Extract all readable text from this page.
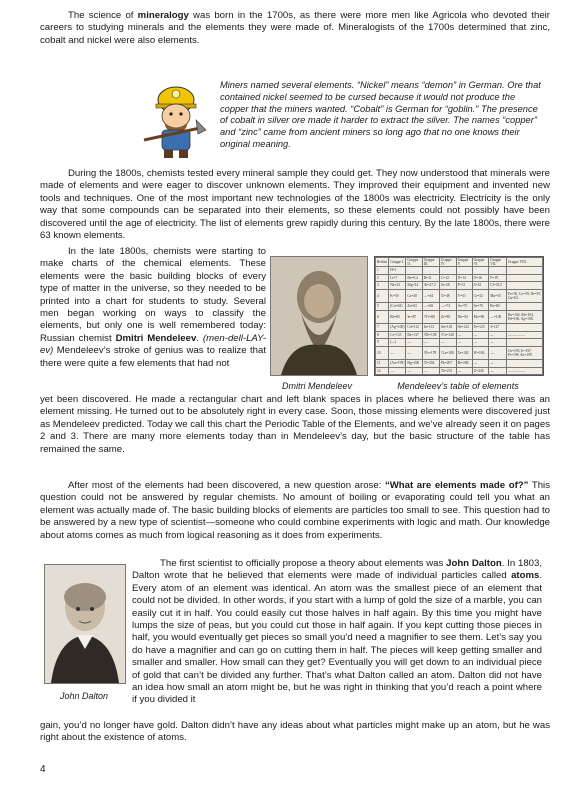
The science of mineralogy was born in the 1700s, as there were more men like Agricola who devoted their careers to studying minerals and the elements they were made of. Mineralogists of the 1700s determined that zinc, cobalt and nickel were also elements.

Miners named several elements. “Nickel” means “demon” in German. Ore that contained nickel seemed to be cursed because it would not produce the copper that the miners wanted. “Cobalt” is German for “goblin.” The presence of cobalt in silver ore made it harder to extract the silver. The names “copper” and “zinc” came from ancient miners so long ago that no one knows their original meaning.

During the 1800s, chemists tested every mineral sample they could get. They now understood that minerals were made of elements and were eager to discover unknown elements. They improved their equipment and invented new tools and techniques. One of the most important new technologies of the 1800s was electricity. Electricity is the only way that some compounds can be separated into their elements, so these elements could not possibly have been discovered until the age of electricity. The list of elements grew rapidly during this century. By the late 1800s, there were 63 known elements.

In the late 1800s, chemists were starting to make charts of the chemical elements. These elements were the basic building blocks of every type of matter in the universe, so they needed to be printed into a chart for students to study. Several men began working on ways to classify the elements, but only one is well remembered today: Russian chemist Dmitri Mendeleev. (men-dell-LAY-ev) Mendeleev’s stroke of genius was to realize that there were quite a few elements that had not

Dmitri Mendeleev
Reihen	Gruppe I.	Gruppe II.	Gruppe III.	Gruppe IV.	Gruppe V.	Gruppe VI.	Gruppe VII.	Gruppe VIII.
1	H=1							
2	Li=7	Be=9,4	B=11	C=12	N=14	O=16	F=19	
3	Na=23	Mg=24	Al=27,3	Si=28	P=31	S=32	Cl=35,5	
4	K=39	Ca=40	—=44	Ti=48	V=51	Cr=52	Mn=55	Fe=56, Co=59, Ni=59, Cu=63.
5	(Cu=63)	Zn=65	—=68	—=72	As=75	Se=78	Br=80	
6	Rb=85	Sr=87	?Yt=88	Zr=90	Nb=94	Mo=96	—=100	Ru=104, Rh=104, Pd=106, Ag=108.
7	(Ag=108)	Cd=112	In=113	Sn=118	Sb=122	Te=125	J=127	
8	Cs=133	Ba=137	?Di=138	?Ce=140	—	—	—	— — — —
9	(—)	—	—	—	—	—	—	
10	—	—	?Er=178	?La=180	Ta=182	W=184	—	Os=195, Ir=197, Pt=198, Au=199.
11	(Au=199)	Hg=200	Tl=204	Pb=207	Bi=208	—	—	
12	—	—	—	Th=231	—	U=240	—	— — — —
Mendeleev’s table of elements

yet been discovered. He made a rectangular chart and left blank spaces in places where he believed there was an element missing. He turned out to be absolutely right in every case. Soon, those missing elements were discovered just as Mendeleev predicted. Today we call this chart the Periodic Table of the Elements, and we’ve already seen it on pages 2 and 3. There are many more elements today than in Mendeleev’s day, but the basic structure of the table has remained the same.

After most of the elements had been discovered, a new question arose: “What are elements made of?” This question could not be answered by regular chemists. No amount of boiling or evaporating could tell you what an element was actually made of. The basic building blocks of elements are particles too small to see. This question had to be answered by a new type of scientist—someone who could combine experiments with logic and math. Our knowledge about atoms comes as much from logical reasoning as it does from experiments.

John Dalton

The first scientist to officially propose a theory about elements was John Dalton. In 1803, Dalton wrote that he believed that elements were made of individual particles called atoms. Every atom of an element was identical. An atom was the smallest piece of an element that could not be divided. In other words, if you start with a lump of gold the size of a marble, you can easily cut it in half. You could easily cut those halves in half again. By this time you might have lumps the size of peas, but you could cut those in half again. If you kept cutting those pieces in half, you would eventually get pieces so small you’d need a magnifier to see them. Let’s say you do have a magnifier and can go on cutting them in half. The pieces will keep getting smaller and smaller and smaller. How small can they get? Eventually you will get down to an individual piece of gold that can’t be divided any further. That’s what Dalton called an atom. Dalton did not have an idea how small an atom might be, but he was right in thinking that you’d reach a point where if you divided it

gain, you’d no longer have gold. Dalton didn’t have any ideas about what particles might make up an atom, but he was right about the existence of atoms.

4
